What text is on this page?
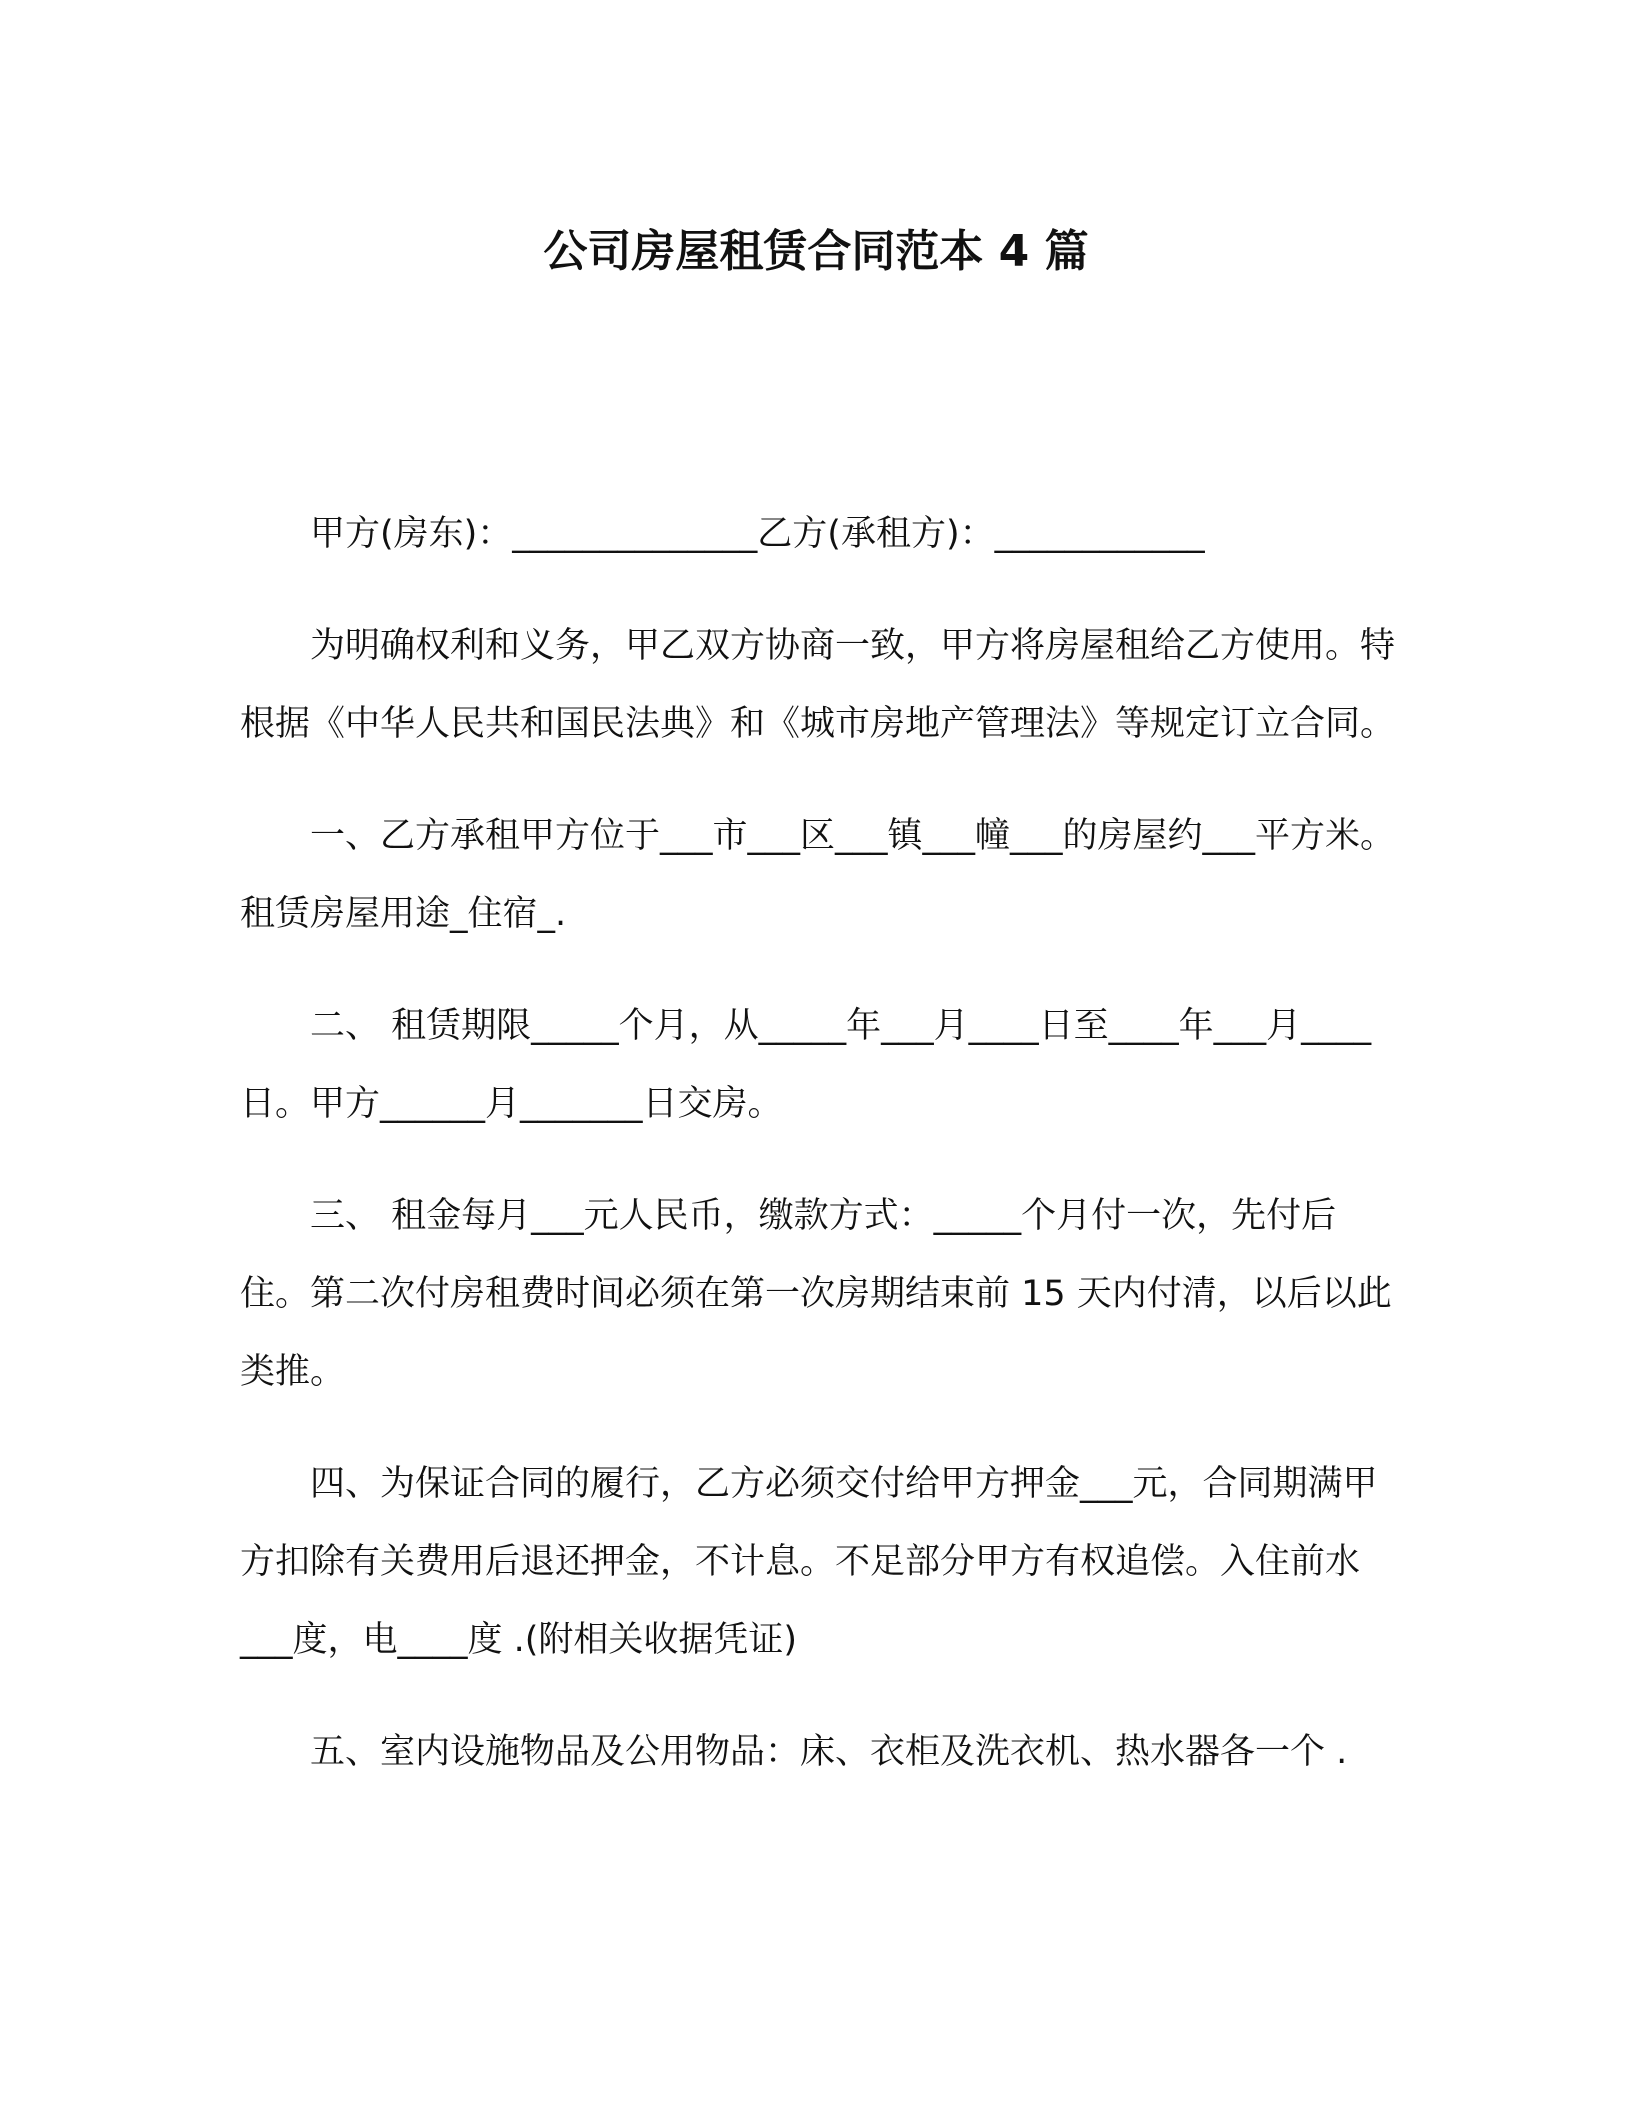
公司房屋租赁合同范本 4 篇

甲方(房东)：______________乙方(承租方)：____________

为明确权利和义务，甲乙双方协商一致，甲方将房屋租给乙方使用。特根据《中华人民共和国民法典》和《城市房地产管理法》等规定订立合同。

一、乙方承租甲方位于___市___区___镇___幢___的房屋约___平方米。租赁房屋用途_住宿_.

二、 租赁期限_____个月，从_____年___月____日至____年___月____日。甲方______月_______日交房。

三、 租金每月___元人民币，缴款方式：_____个月付一次，先付后住。第二次付房租费时间必须在第一次房期结束前 15 天内付清，以后以此类推。

四、为保证合同的履行，乙方必须交付给甲方押金___元，合同期满甲方扣除有关费用后退还押金，不计息。不足部分甲方有权追偿。入住前水___度，电____度 .(附相关收据凭证)

五、室内设施物品及公用物品：床、衣柜及洗衣机、热水器各一个 .
